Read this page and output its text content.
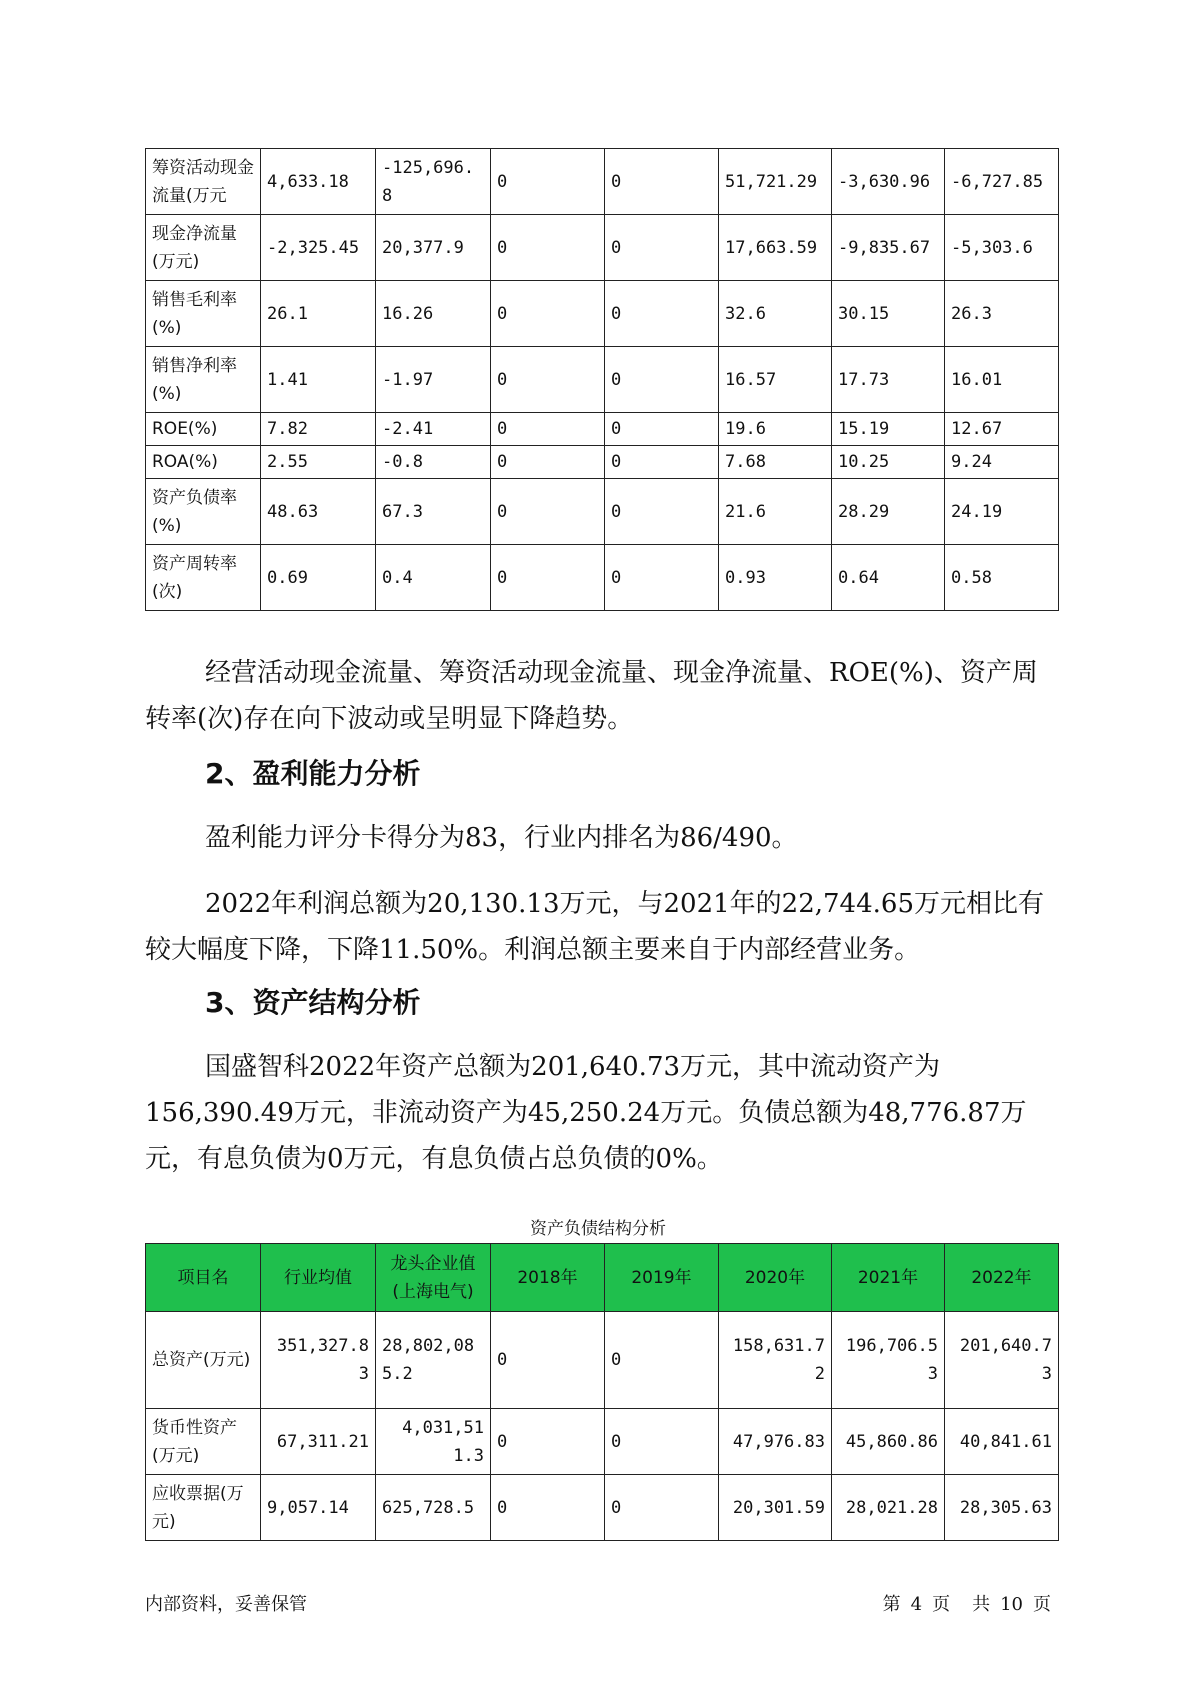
筹资活动现金流量(万元	4,633.18	-125,696.8	0	0	51,721.29	-3,630.96	-6,727.85
现金净流量(万元)	-2,325.45	20,377.9	0	0	17,663.59	-9,835.67	-5,303.6
销售毛利率(%)	26.1	16.26	0	0	32.6	30.15	26.3
销售净利率(%)	1.41	-1.97	0	0	16.57	17.73	16.01
ROE(%)	7.82	-2.41	0	0	19.6	15.19	12.67
ROA(%)	2.55	-0.8	0	0	7.68	10.25	9.24
资产负债率(%)	48.63	67.3	0	0	21.6	28.29	24.19
资产周转率(次)	0.69	0.4	0	0	0.93	0.64	0.58

经营活动现金流量、筹资活动现金流量、现金净流量、ROE(%)、资产周转率(次)存在向下波动或呈明显下降趋势。

2、盈利能力分析

盈利能力评分卡得分为83，行业内排名为86/490。

2022年利润总额为20,130.13万元，与2021年的22,744.65万元相比有较大幅度下降，下降11.50%。利润总额主要来自于内部经营业务。

3、资产结构分析

国盛智科2022年资产总额为201,640.73万元，其中流动资产为156,390.49万元，非流动资产为45,250.24万元。负债总额为48,776.87万元，有息负债为0万元，有息负债占总负债的0%。

资产负债结构分析
项目名	行业均值	龙头企业值(上海电气)	2018年	2019年	2020年	2021年	2022年
总资产(万元)	351,327.83	28,802,085.2	0	0	158,631.72	196,706.53	201,640.73
货币性资产(万元)	67,311.21	4,031,511.3	0	0	47,976.83	45,860.86	40,841.61
应收票据(万元)	9,057.14	625,728.5	0	0	20,301.59	28,021.28	28,305.63
内部资料，妥善保管	第 4 页 共 10 页
